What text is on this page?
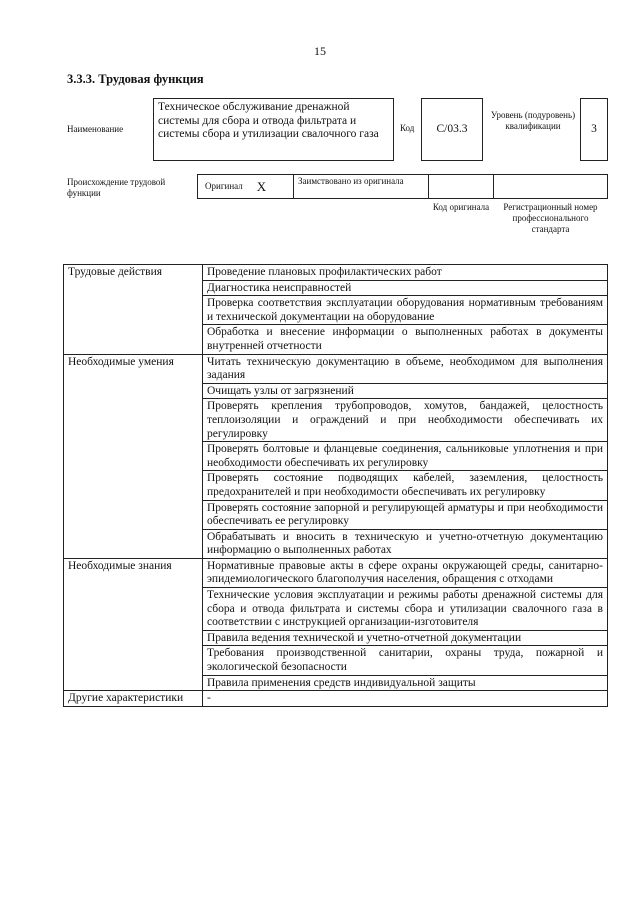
15
3.3.3. Трудовая функция
Наименование
Техническое обслуживание дренажной системы для сбора и отвода фильтрата и системы сбора и утилизации свалочного газа	Код C/03.3
Уровень (подуровень) квалификации	3
Происхождение трудовой функции
Оригинал X	Заимствовано из оригинала
Код оригинала	Регистрационный номер профессионального стандарта
Трудовые действия	Проведение плановых профилактических работ
	Диагностика неисправностей
	Проверка соответствия эксплуатации оборудования нормативным требованиям и технической документации на оборудование
	Обработка и внесение информации о выполненных работах в документы внутренней отчетности
Необходимые умения	Читать техническую документацию в объеме, необходимом для выполнения задания
	Очищать узлы от загрязнений
	Проверять крепления трубопроводов, хомутов, бандажей, целостность теплоизоляции и ограждений и при необходимости обеспечивать их регулировку
	Проверять болтовые и фланцевые соединения, сальниковые уплотнения и при необходимости обеспечивать их регулировку
	Проверять состояние подводящих кабелей, заземления, целостность предохранителей и при необходимости обеспечивать их регулировку
	Проверять состояние запорной и регулирующей арматуры и при необходимости обеспечивать ее регулировку
	Обрабатывать и вносить в техническую и учетно-отчетную документацию информацию о выполненных работах
Необходимые знания	Нормативные правовые акты в сфере охраны окружающей среды, санитарно-эпидемиологического благополучия населения, обращения с отходами
	Технические условия эксплуатации и режимы работы дренажной системы для сбора и отвода фильтрата и системы сбора и утилизации свалочного газа в соответствии с инструкцией организации-изготовителя
	Правила ведения технической и учетно-отчетной документации
	Требования производственной санитарии, охраны труда, пожарной и экологической безопасности
	Правила применения средств индивидуальной защиты
Другие характеристики	-
